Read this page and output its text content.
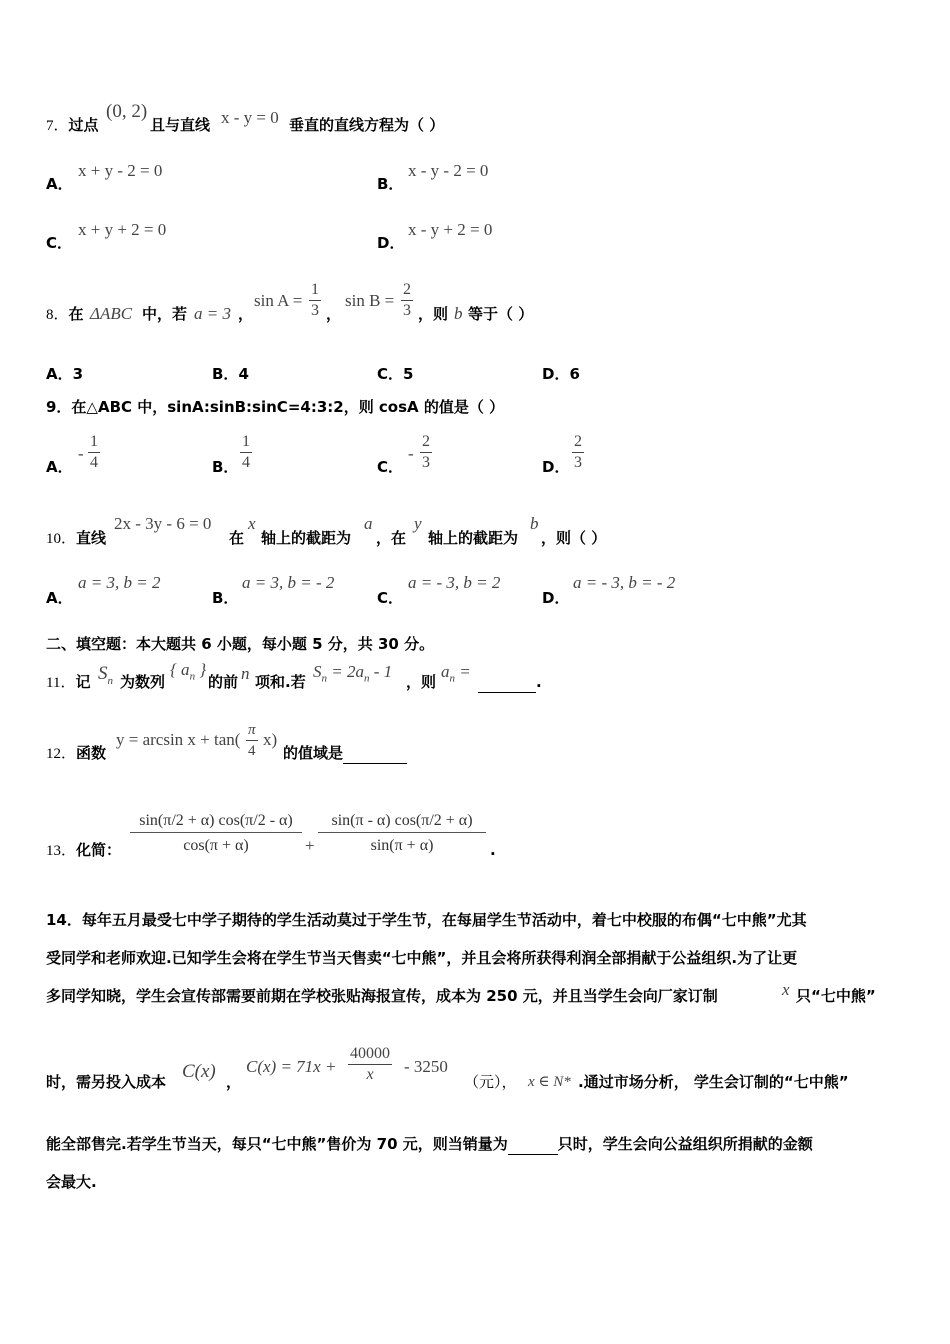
7．过点
(0, 2)
且与直线 x - y = 0 垂直的直线方程为（ ）
A．
x + y - 2 = 0
B．
x - y - 2 = 0
C．
x + y + 2 = 0
D．
x - y + 2 = 0
8．在 ΔABC 中，若 a = 3 ，
$\sin A = \frac{1}{3}$ ，
$\sin B = \frac{2}{3}$ ，则 b 等于（ ）
A．3	B．4	C．5	D．6
9．在△ABC 中，sinA:sinB:sinC=4:3:2，则 cosA 的值是（ ）
A．
- $\frac{1}{4}$	B． $\frac{1}{4}$	C．
- $\frac{2}{3}$	D． $\frac{2}{3}$
10．直线
2x - 3y - 6 = 0
在
x
轴上的截距为
a
，在
y
轴上的截距为
b
，则（ ）
A．
a = 3, b = 2
B．
a = 3, b = - 2
C．
a = - 3, b = 2
D．
a = - 3, b = - 2
二、填空题：本大题共 6 小题，每小题 5 分，共 30 分。
11．记 $S_n$ 为数列
{ $a_n$ }
的前 n 项和.若
$S_n = 2a_n - 1$
，则
$a_n$ =
.
12．函数
$y = \arcsin x + \tan( \frac{\pi}{4} x)$
的值域是
13．化简： $\frac{\sin(\pi/2 + \alpha) \cos(\pi/2 - \alpha)}{\cos(\pi + \alpha)} + \frac{\sin(\pi - \alpha) \cos(\pi/2 + \alpha)}{\sin(\pi + \alpha)}$ .
14．每年五月最受七中学子期待的学生活动莫过于学生节，在每届学生节活动中，着七中校服的布偶“七中熊”尤其
受同学和老师欢迎.已知学生会将在学生节当天售卖“七中熊”，并且会将所获得利润全部捐献于公益组织.为了让更
多同学知晓，学生会宣传部需要前期在学校张贴海报宣传，成本为 250 元，并且当学生会向厂家订制	x 只“七中熊”
时，需另投入成本 C(x) ，
$C(x) = 71x + \frac{40000}{x} - 3250$
（元）， x ∈ N* .通过市场分析， 学生会订制的“七中熊”
能全部售完.若学生节当天，每只“七中熊”售价为 70 元，则当销量为	只时，学生会向公益组织所捐献的金额
会最大.
